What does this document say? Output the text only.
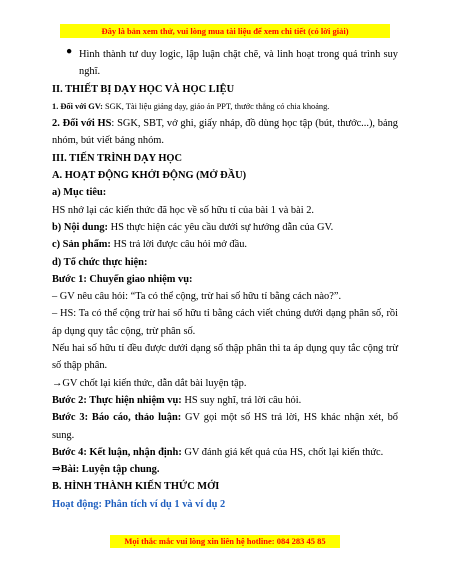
Đây là bản xem thử, vui lòng mua tài liệu để xem chi tiết (có lời giải)
● Hình thành tư duy logic, lập luận chặt chẽ, và linh hoạt trong quá trình suy nghĩ.

II. THIẾT BỊ DẠY HỌC VÀ HỌC LIỆU

1. Đối với GV: SGK, Tài liệu giảng dạy, giáo án PPT, thước thẳng có chia khoảng.

2. Đối với HS: SGK, SBT, vở ghi, giấy nháp, đồ dùng học tập (bút, thước...), bảng nhóm, bút viết bảng nhóm.

III. TIẾN TRÌNH DẠY HỌC

A. HOẠT ĐỘNG KHỞI ĐỘNG (MỞ ĐẦU)

a) Mục tiêu:

HS nhớ lại các kiến thức đã học về số hữu tỉ của bài 1 và bài 2.

b) Nội dung: HS thực hiện các yêu cầu dưới sự hướng dẫn của GV.

c) Sản phẩm: HS trả lời được câu hỏi mở đầu.

d) Tổ chức thực hiện:

Bước 1: Chuyển giao nhiệm vụ:

– GV nêu câu hỏi: “Ta có thể cộng, trừ hai số hữu tỉ bằng cách nào?”.

– HS: Ta có thể cộng trừ hai số hữu tỉ bằng cách viết chúng dưới dạng phân số, rồi áp dụng quy tắc cộng, trừ phân số.

Nếu hai số hữu tỉ đều được dưới dạng số thập phân thì ta áp dụng quy tắc cộng trừ số thập phân.

→GV chốt lại kiến thức, dẫn dắt bài luyện tập.

Bước 2: Thực hiện nhiệm vụ: HS suy nghĩ, trả lời câu hỏi.

Bước 3: Báo cáo, thảo luận: GV gọi một số HS trả lời, HS khác nhận xét, bổ sung.

Bước 4: Kết luận, nhận định: GV đánh giá kết quả của HS, chốt lại kiến thức.

⇒Bài: Luyện tập chung.

B. HÌNH THÀNH KIẾN THỨC MỚI

Hoạt động: Phân tích ví dụ 1 và ví dụ 2

Mọi thắc mắc vui lòng xin liên hệ hotline: 084 283 45 85
